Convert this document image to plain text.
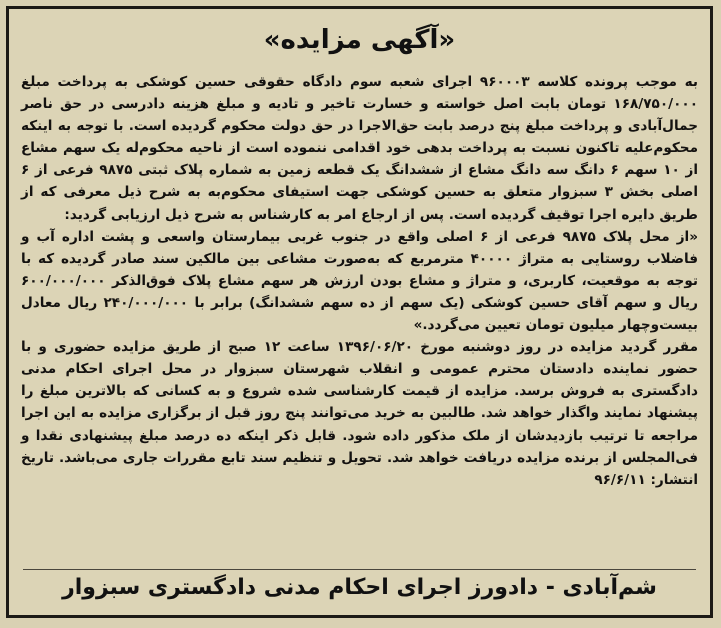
«آگهی مزایده»

به موجب پرونده کلاسه ۹۶۰۰۰۳ اجرای شعبه سوم دادگاه حقوقی حسین کوشکی به پرداخت مبلغ ۱۶۸/۷۵۰/۰۰۰ تومان بابت اصل خواسته و خسارت تاخیر و تادیه و مبلغ هزینه دادرسی در حق ناصر جمال‌آبادی و پرداخت مبلغ پنج درصد بابت حق‌الاجرا در حق دولت محکوم گردیده است. با توجه به اینکه محکوم‌علیه تاکنون نسبت به پرداخت بدهی خود اقدامی ننموده است از ناحیه محکوم‌له یک سهم مشاع از ۱۰ سهم ۶ دانگ سه دانگ مشاع از ششدانگ یک قطعه زمین به شماره پلاک ثبتی ۹۸۷۵ فرعی از ۶ اصلی بخش ۳ سبزوار متعلق به حسین کوشکی جهت استیفای محکوم‌به به شرح ذیل معرفی که از طریق دایره اجرا توقیف گردیده است. پس از ارجاع امر به کارشناس به شرح ذیل ارزیابی گردید:

«از محل پلاک ۹۸۷۵ فرعی از ۶ اصلی واقع در جنوب غربی بیمارستان واسعی و پشت اداره آب و فاضلاب روستایی به متراژ ۴۰۰۰۰ مترمربع که به‌صورت مشاعی بین مالکین سند صادر گردیده که با توجه به موقعیت، کاربری، و متراژ و مشاع بودن ارزش هر سهم مشاع پلاک فوق‌الذکر ۶۰۰/۰۰۰/۰۰۰ ریال و سهم آقای حسین کوشکی (یک سهم از ده سهم ششدانگ) برابر با ۲۴۰/۰۰۰/۰۰۰ ریال معادل بیست‌وچهار میلیون تومان تعیین می‌گردد.»

مقرر گردید مزایده در روز دوشنبه مورخ ۱۳۹۶/۰۶/۲۰ ساعت ۱۲ صبح از طریق مزایده حضوری و با حضور نماینده دادستان محترم عمومی و انقلاب شهرستان سبزوار در محل اجرای احکام مدنی دادگستری به فروش برسد. مزایده از قیمت کارشناسی شده شروع و به کسانی که بالاترین مبلغ را پیشنهاد نمایند واگذار خواهد شد. طالبین به خرید می‌توانند پنج روز قبل از برگزاری مزایده به این اجرا مراجعه تا ترتیب بازدیدشان از ملک مذکور داده شود. قابل ذکر اینکه ده درصد مبلغ پیشنهادی نقدا و فی‌المجلس از برنده مزایده دریافت خواهد شد. تحویل و تنظیم سند تابع مقررات جاری می‌باشد. تاریخ انتشار: ۹۶/۶/۱۱

شم‌آبادی - دادورز اجرای احکام مدنی دادگستری سبزوار
